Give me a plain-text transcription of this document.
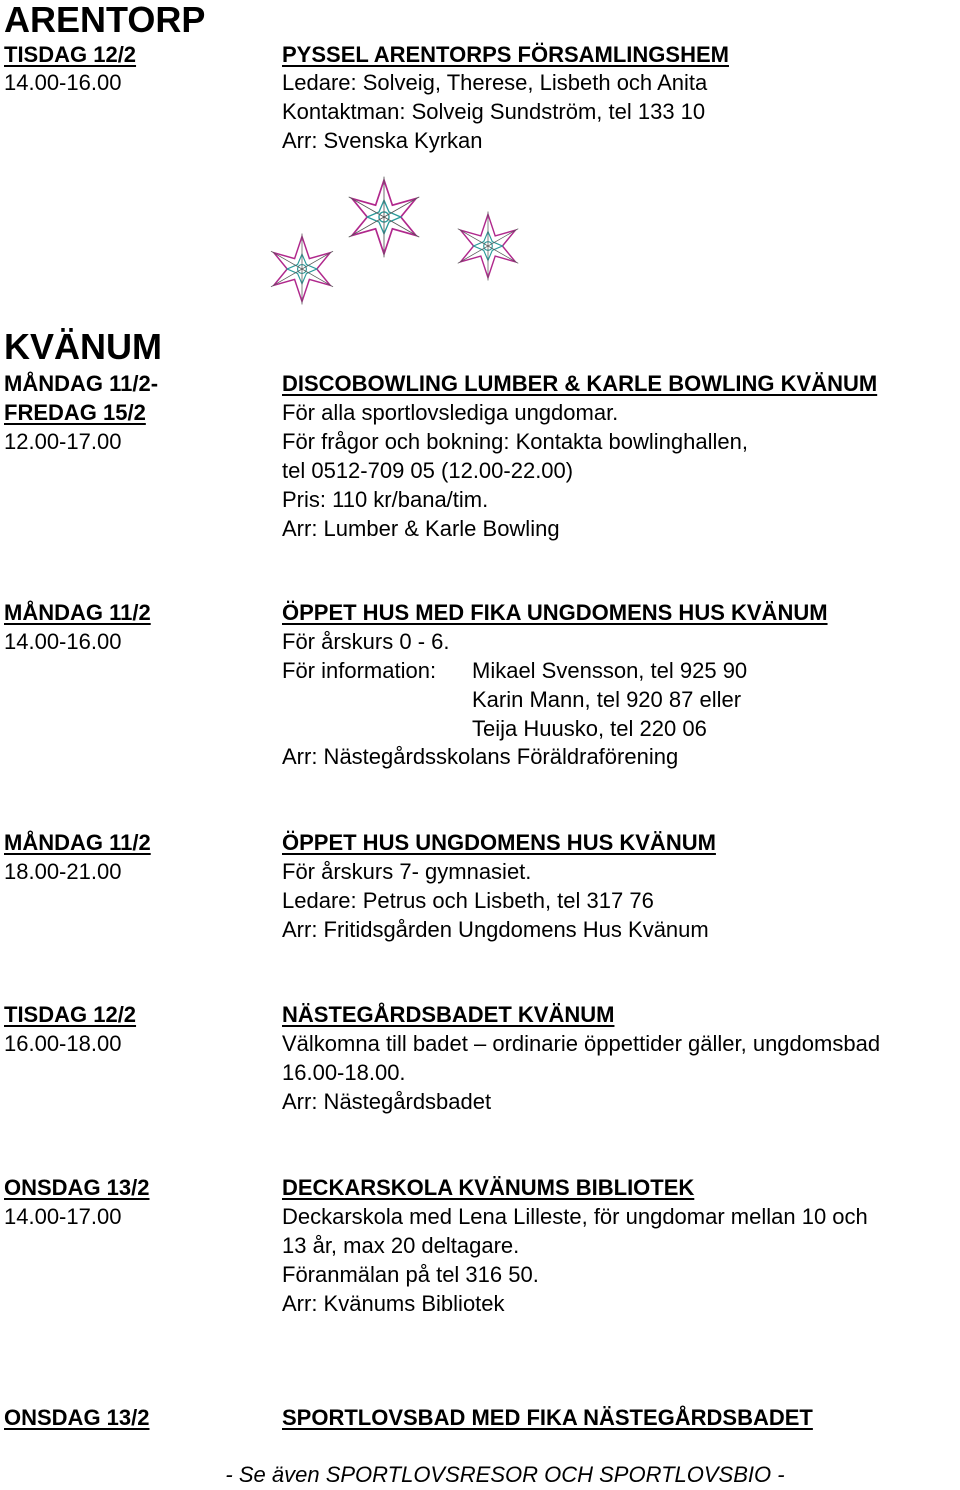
ARENTORP
TISDAG 12/2
14.00-16.00
PYSSEL ARENTORPS FÖRSAMLINGSHEM
Ledare: Solveig, Therese, Lisbeth och Anita
Kontaktman: Solveig Sundström, tel 133 10
Arr: Svenska Kyrkan
KVÄNUM
MÅNDAG 11/2-
FREDAG 15/2
12.00-17.00
DISCOBOWLING LUMBER & KARLE BOWLING KVÄNUM
För alla sportlovslediga ungdomar.
För frågor och bokning: Kontakta bowlinghallen,
tel 0512-709 05 (12.00-22.00)
Pris: 110 kr/bana/tim.
Arr: Lumber & Karle Bowling
MÅNDAG 11/2
14.00-16.00
ÖPPET HUS MED FIKA UNGDOMENS HUS KVÄNUM
För årskurs 0 - 6.
För information: Mikael Svensson, tel 925 90
Karin Mann, tel 920 87 eller
Teija Huusko, tel 220 06
Arr: Nästegårdsskolans Föräldraförening
MÅNDAG 11/2
18.00-21.00
ÖPPET HUS UNGDOMENS HUS KVÄNUM
För årskurs 7- gymnasiet.
Ledare: Petrus och Lisbeth, tel 317 76
Arr: Fritidsgården Ungdomens Hus Kvänum
TISDAG 12/2
16.00-18.00
NÄSTEGÅRDSBADET KVÄNUM
Välkomna till badet – ordinarie öppettider gäller, ungdomsbad
16.00-18.00.
Arr: Nästegårdsbadet
ONSDAG 13/2
14.00-17.00
DECKARSKOLA KVÄNUMS BIBLIOTEK
Deckarskola med Lena Lilleste, för ungdomar mellan 10 och
13 år, max 20 deltagare.
Föranmälan på tel 316 50.
Arr: Kvänums Bibliotek
ONSDAG 13/2	SPORTLOVSBAD MED FIKA NÄSTEGÅRDSBADET
- Se även SPORTLOVSRESOR OCH SPORTLOVSBIO -
